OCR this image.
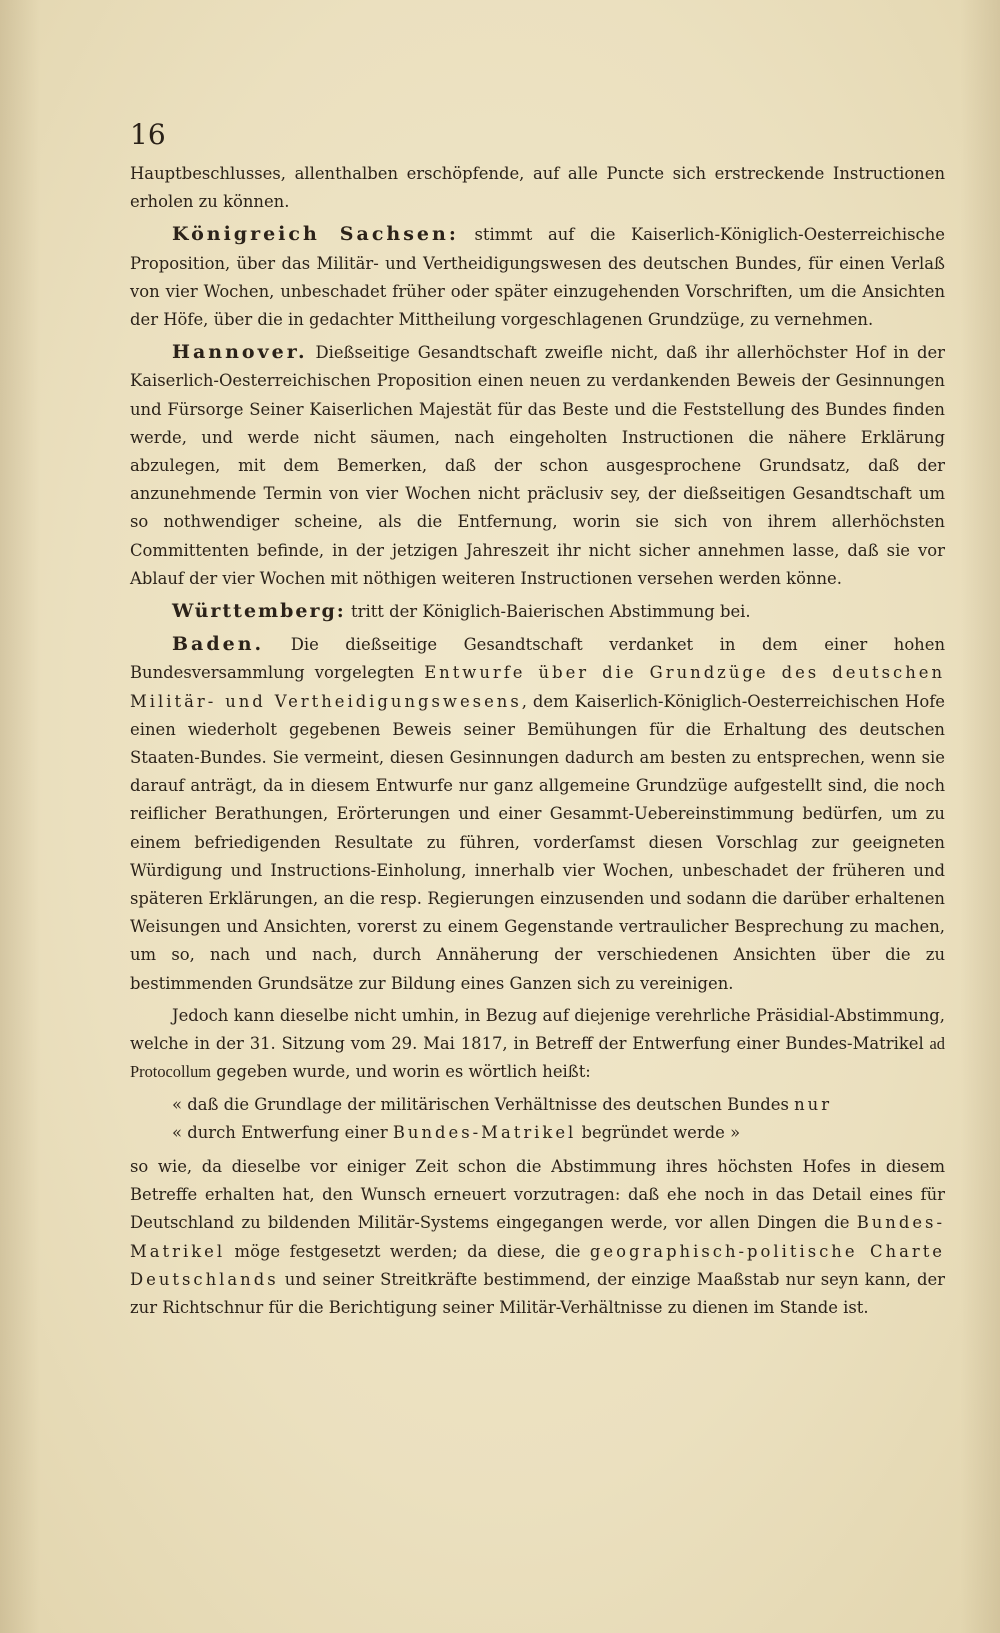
16

Hauptbeschlusses, allenthalben erschöpfende, auf alle Puncte sich erstreckende Instructionen erholen zu können.

Königreich Sachsen: stimmt auf die Kaiserlich-Königlich-Oesterreichische Proposition, über das Militär- und Vertheidigungswesen des deutschen Bundes, für einen Verlaß von vier Wochen, unbeschadet früher oder später einzugehenden Vorschriften, um die Ansichten der Höfe, über die in gedachter Mittheilung vorgeschlagenen Grundzüge, zu vernehmen.

Hannover. Dießseitige Gesandtschaft zweifle nicht, daß ihr allerhöchster Hof in der Kaiserlich-Oesterreichischen Proposition einen neuen zu verdankenden Beweis der Gesinnungen und Fürsorge Seiner Kaiserlichen Majestät für das Beste und die Feststellung des Bundes finden werde, und werde nicht säumen, nach eingeholten Instructionen die nähere Erklärung abzulegen, mit dem Bemerken, daß der schon ausgesprochene Grundsatz, daß der anzunehmende Termin von vier Wochen nicht präclusiv sey, der dießseitigen Gesandtschaft um so nothwendiger scheine, als die Entfernung, worin sie sich von ihrem allerhöchsten Committenten befinde, in der jetzigen Jahreszeit ihr nicht sicher annehmen lasse, daß sie vor Ablauf der vier Wochen mit nöthigen weiteren Instructionen versehen werden könne.

Württemberg: tritt der Königlich-Baierischen Abstimmung bei.

Baden. Die dießseitige Gesandtschaft verdanket in dem einer hohen Bundesversammlung vorgelegten Entwurfe über die Grundzüge des deutschen Militär- und Vertheidigungswesens, dem Kaiserlich-Königlich-Oesterreichischen Hofe einen wiederholt gegebenen Beweis seiner Bemühungen für die Erhaltung des deutschen Staaten-Bundes. Sie vermeint, diesen Gesinnungen dadurch am besten zu entsprechen, wenn sie darauf anträgt, da in diesem Entwurfe nur ganz allgemeine Grundzüge aufgestellt sind, die noch reiflicher Berathungen, Erörterungen und einer Gesammt-Uebereinstimmung bedürfen, um zu einem befriedigenden Resultate zu führen, vorderſamst diesen Vorschlag zur geeigneten Würdigung und Instructions-Einholung, innerhalb vier Wochen, unbeschadet der früheren und späteren Erklärungen, an die resp. Regierungen einzusenden und sodann die darüber erhaltenen Weisungen und Ansichten, vorerst zu einem Gegenstande vertraulicher Besprechung zu machen, um so, nach und nach, durch Annäherung der verschiedenen Ansichten über die zu bestimmenden Grundsätze zur Bildung eines Ganzen sich zu vereinigen.

Jedoch kann dieselbe nicht umhin, in Bezug auf diejenige verehrliche Präsidial-Abstimmung, welche in der 31. Sitzung vom 29. Mai 1817, in Betreff der Entwerfung einer Bundes-Matrikel ad Protocollum gegeben wurde, und worin es wörtlich heißt:

« daß die Grundlage der militärischen Verhältnisse des deutschen Bundes nur

« durch Entwerfung einer Bundes-Matrikel begründet werde »

so wie, da dieselbe vor einiger Zeit schon die Abstimmung ihres höchsten Hofes in diesem Betreffe erhalten hat, den Wunsch erneuert vorzutragen: daß ehe noch in das Detail eines für Deutschland zu bildenden Militär-Systems eingegangen werde, vor allen Dingen die Bundes-Matrikel möge festgesetzt werden; da diese, die geographisch-politische Charte Deutschlands und seiner Streitkräfte bestimmend, der einzige Maaßstab nur seyn kann, der zur Richtschnur für die Berichtigung seiner Militär-Verhältnisse zu dienen im Stande ist.
